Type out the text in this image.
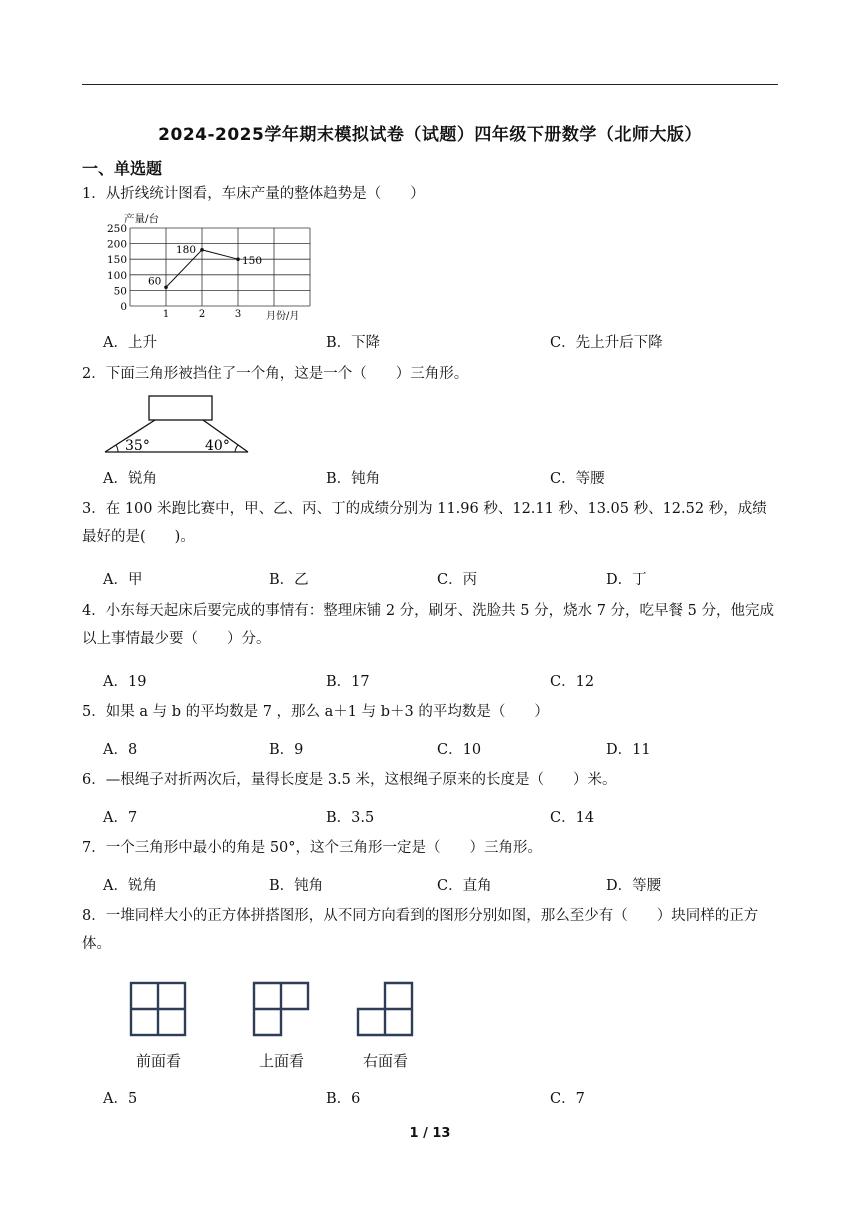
2024-2025学年期末模拟试卷（试题）四年级下册数学（北师大版）
一、单选题
1．从折线统计图看，车床产量的整体趋势是（　　）
0
50
100
150
200
250
1	2	3
产量/台
月份/月
60
180
150
A．上升	B．下降	C．先上升后下降
2．下面三角形被挡住了一个角，这是一个（　　）三角形。
35°	40°
A．锐角	B．钝角	C．等腰
3．在 100 米跑比赛中，甲、乙、丙、丁的成绩分别为 11.96 秒、12.11 秒、13.05 秒、12.52 秒，成绩最好的是(　　)。
A．甲	B．乙	C．丙	D．丁
4．小东每天起床后要完成的事情有：整理床铺 2 分，刷牙、洗脸共 5 分，烧水 7 分，吃早餐 5 分，他完成以上事情最少要（　　）分。
A．19	B．17	C．12
5．如果 a 与 b 的平均数是 7 ，那么 a＋1 与 b＋3 的平均数是（　　）
A．8	B．9	C．10	D．11
6．—根绳子对折两次后，量得长度是 3.5 米，这根绳子原来的长度是（　　）米。
A．7	B．3.5	C．14
7．一个三角形中最小的角是 50°，这个三角形一定是（　　）三角形。
A．锐角	B．钝角	C．直角	D．等腰
8．一堆同样大小的正方体拼搭图形，从不同方向看到的图形分别如图，那么至少有（　　）块同样的正方体。
前面看	上面看	右面看
A．5	B．6	C．7
1 / 13
